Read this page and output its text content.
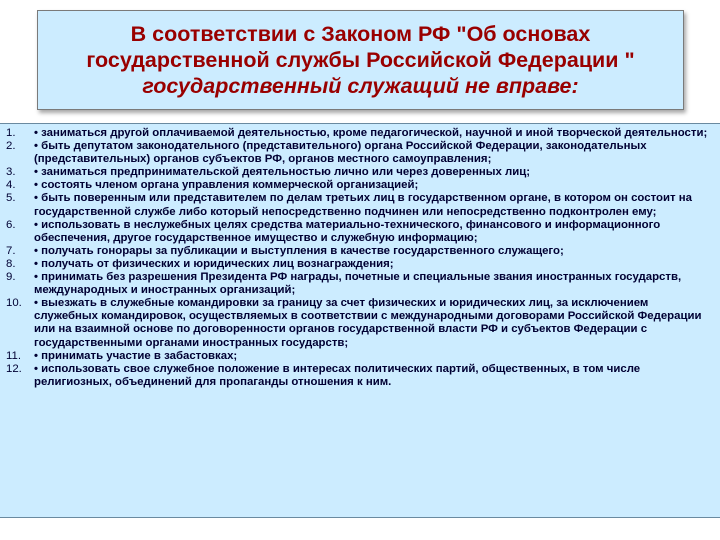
В соответствии с Законом РФ "Об основах
государственной службы Российской Федерации "
государственный служащий не вправе:
1.	• заниматься другой оплачиваемой деятельностью, кроме педагогической, научной и иной творческой деятельности;
2.	• быть депутатом законодательного (представительного) органа Российской Федерации, законодательных (представительных) органов субъектов РФ, органов местного самоуправления;
3.	• заниматься предпринимательской деятельностью лично или через доверенных лиц;
4.	• состоять членом органа управления коммерческой организацией;
5.	• быть поверенным или представителем по делам третьих лиц в государственном органе, в котором он состоит на государственной службе либо который непосредственно подчинен или непосредственно подконтролен ему;
6.	• использовать в неслужебных целях средства материально-технического, финансового и информационного обеспечения, другое государственное имущество и служебную информацию;
7.	• получать гонорары за публикации и выступления в качестве государственного служащего;
8.	• получать от физических и юридических лиц вознаграждения;
9.	• принимать без разрешения Президента РФ награды, почетные и специальные звания иностранных государств, международных и иностранных организаций;
10.	• выезжать в служебные командировки за границу за счет физических и юридических лиц, за исключением служебных командировок, осуществляемых в соответствии с международными договорами Российской Федерации или на взаимной основе по договоренности органов государственной власти РФ и субъектов Федерации с государственными органами иностранных государств;
11.	• принимать участие в забастовках;
12.	• использовать свое служебное положение в интересах политических партий, общественных, в том числе религиозных, объединений для пропаганды отношения к ним.
